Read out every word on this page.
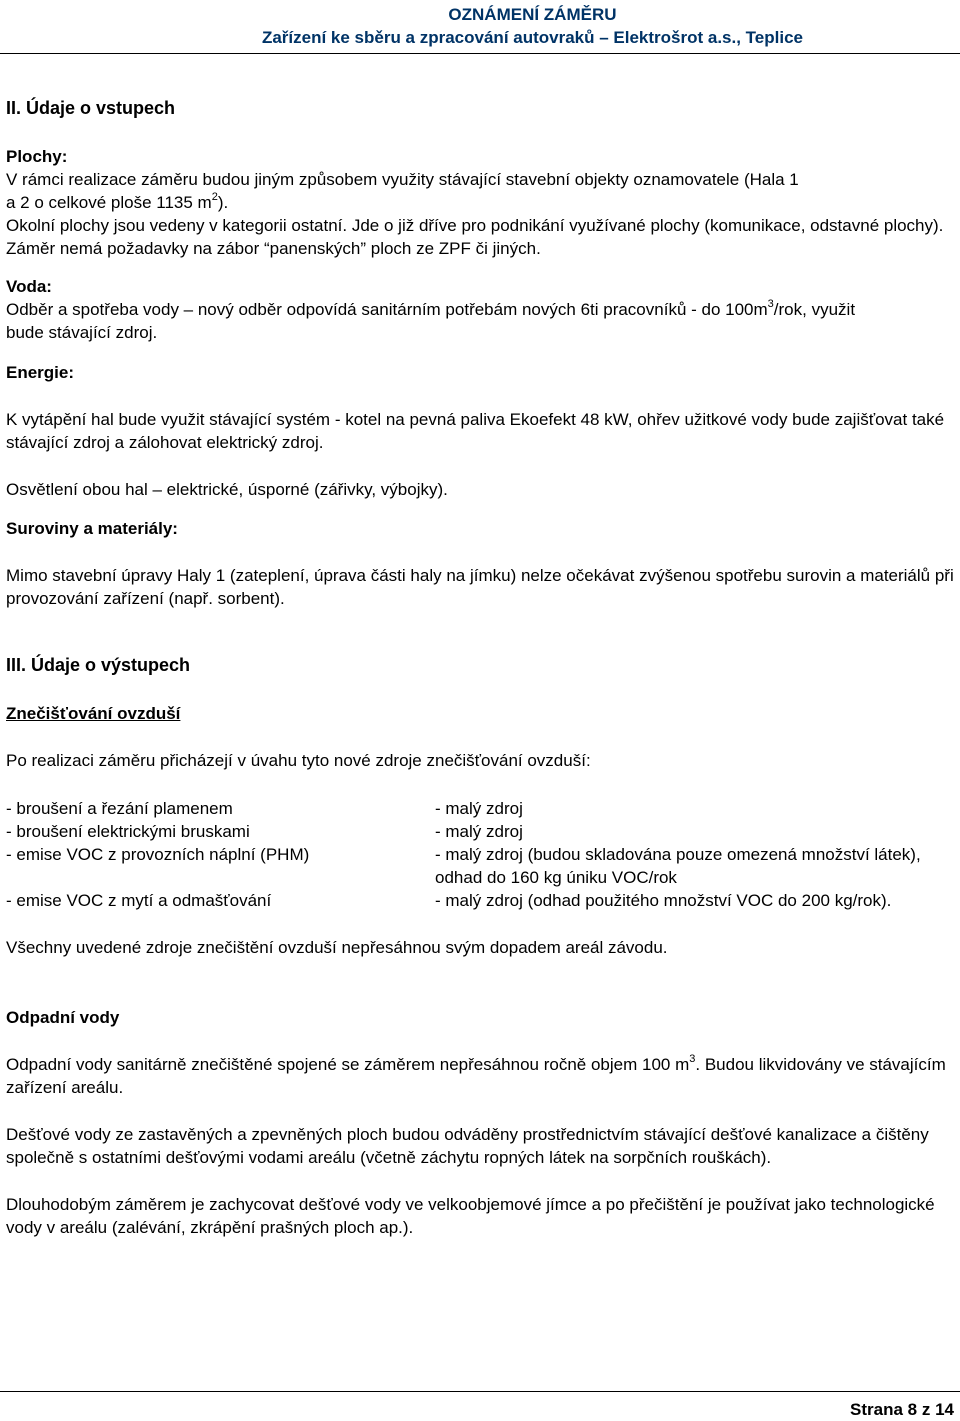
OZNÁMENÍ ZÁMĚRU
Zařízení ke sběru a zpracování autovraků – Elektrošrot a.s., Teplice

II. Údaje o vstupech

Plochy:

V rámci realizace záměru budou jiným způsobem využity stávající stavební objekty oznamovatele (Hala 1

a 2 o celkové ploše 1135 $m^2$).

Okolní plochy jsou vedeny v kategorii ostatní. Jde o již dříve pro podnikání využívané plochy (komunikace, odstavné plochy). Záměr nemá požadavky na zábor “panenských” ploch ze ZPF či jiných.

Voda:

Odběr a spotřeba vody – nový odběr odpovídá sanitárním potřebám nových 6ti pracovníků - do $100m^3$/rok, využit bude stávající zdroj.

Energie:

K vytápění hal bude využit stávající systém - kotel na pevná paliva Ekoefekt 48 kW, ohřev užitkové vody bude zajišťovat také stávající zdroj a zálohovat elektrický zdroj.

Osvětlení obou hal – elektrické, úsporné (zářivky, výbojky).

Suroviny a materiály:

Mimo stavební úpravy Haly 1 (zateplení, úprava části haly na jímku) nelze očekávat zvýšenou spotřebu surovin a materiálů při provozování zařízení (např. sorbent).

III. Údaje o výstupech

Znečišťování ovzduší

Po realizaci záměru přicházejí v úvahu tyto nové zdroje znečišťování ovzduší:

- broušení a řezání plamenem	- malý zdroj
- broušení elektrickými bruskami	- malý zdroj
- emise VOC z provozních náplní (PHM)	- malý zdroj (budou skladována pouze omezená množství látek), odhad do 160 kg úniku VOC/rok
- emise VOC z mytí a odmašťování	- malý zdroj (odhad použitého množství VOC do 200 kg/rok).

Všechny uvedené zdroje znečištění ovzduší nepřesáhnou svým dopadem areál závodu.

Odpadní vody

Odpadní vody sanitárně znečištěné spojené se záměrem nepřesáhnou ročně objem 100 $m^3$. Budou likvidovány ve stávajícím zařízení areálu.

Dešťové vody ze zastavěných a zpevněných ploch budou odváděny prostřednictvím stávající dešťové kanalizace a čištěny společně s ostatními dešťovými vodami areálu (včetně záchytu ropných látek na sorpčních rouškách).

Dlouhodobým záměrem je zachycovat dešťové vody ve velkoobjemové jímce a po přečištění je používat jako technologické vody v areálu (zalévání, zkrápění prašných ploch ap.).

Strana 8 z 14
